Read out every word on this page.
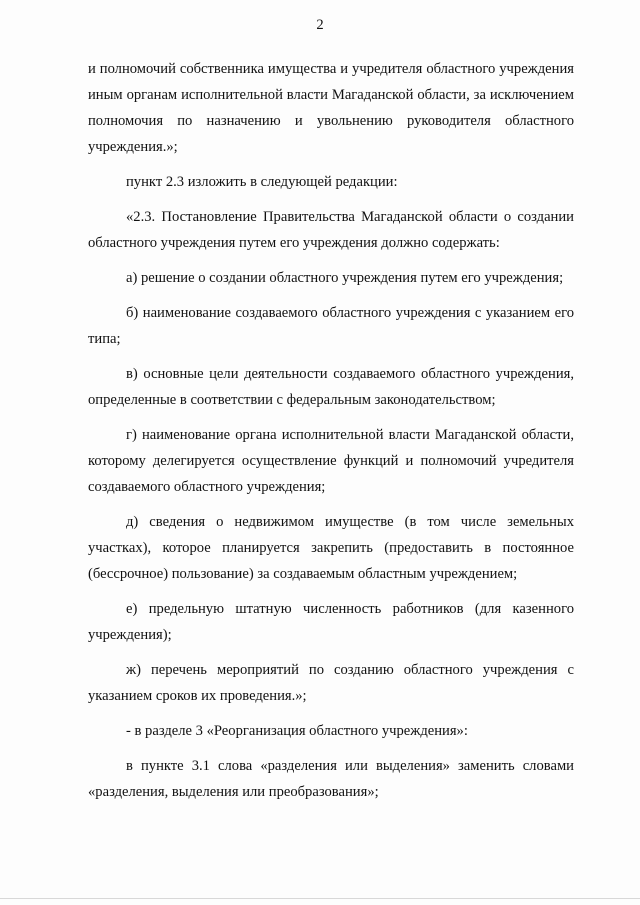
2

и полномочий собственника имущества и учредителя областного учреждения иным органам исполнительной власти Магаданской области, за исключением полномочия по назначению и увольнению руководителя областного учреждения.»;

пункт 2.3 изложить в следующей редакции:

«2.3. Постановление Правительства Магаданской области о создании областного учреждения путем его учреждения должно содержать:

а) решение о создании областного учреждения путем его учреждения;

б) наименование создаваемого областного учреждения с указанием его типа;

в) основные цели деятельности создаваемого областного учреждения, определенные в соответствии с федеральным законодательством;

г) наименование органа исполнительной власти Магаданской области, которому делегируется осуществление функций и полномочий учредителя создаваемого областного учреждения;

д) сведения о недвижимом имуществе (в том числе земельных участках), которое планируется закрепить (предоставить в постоянное (бессрочное) пользование) за создаваемым областным учреждением;

е) предельную штатную численность работников (для казенного учреждения);

ж) перечень мероприятий по созданию областного учреждения с указанием сроков их проведения.»;

- в разделе 3 «Реорганизация областного учреждения»:

в пункте 3.1 слова «разделения или выделения» заменить словами «разделения, выделения или преобразования»;
